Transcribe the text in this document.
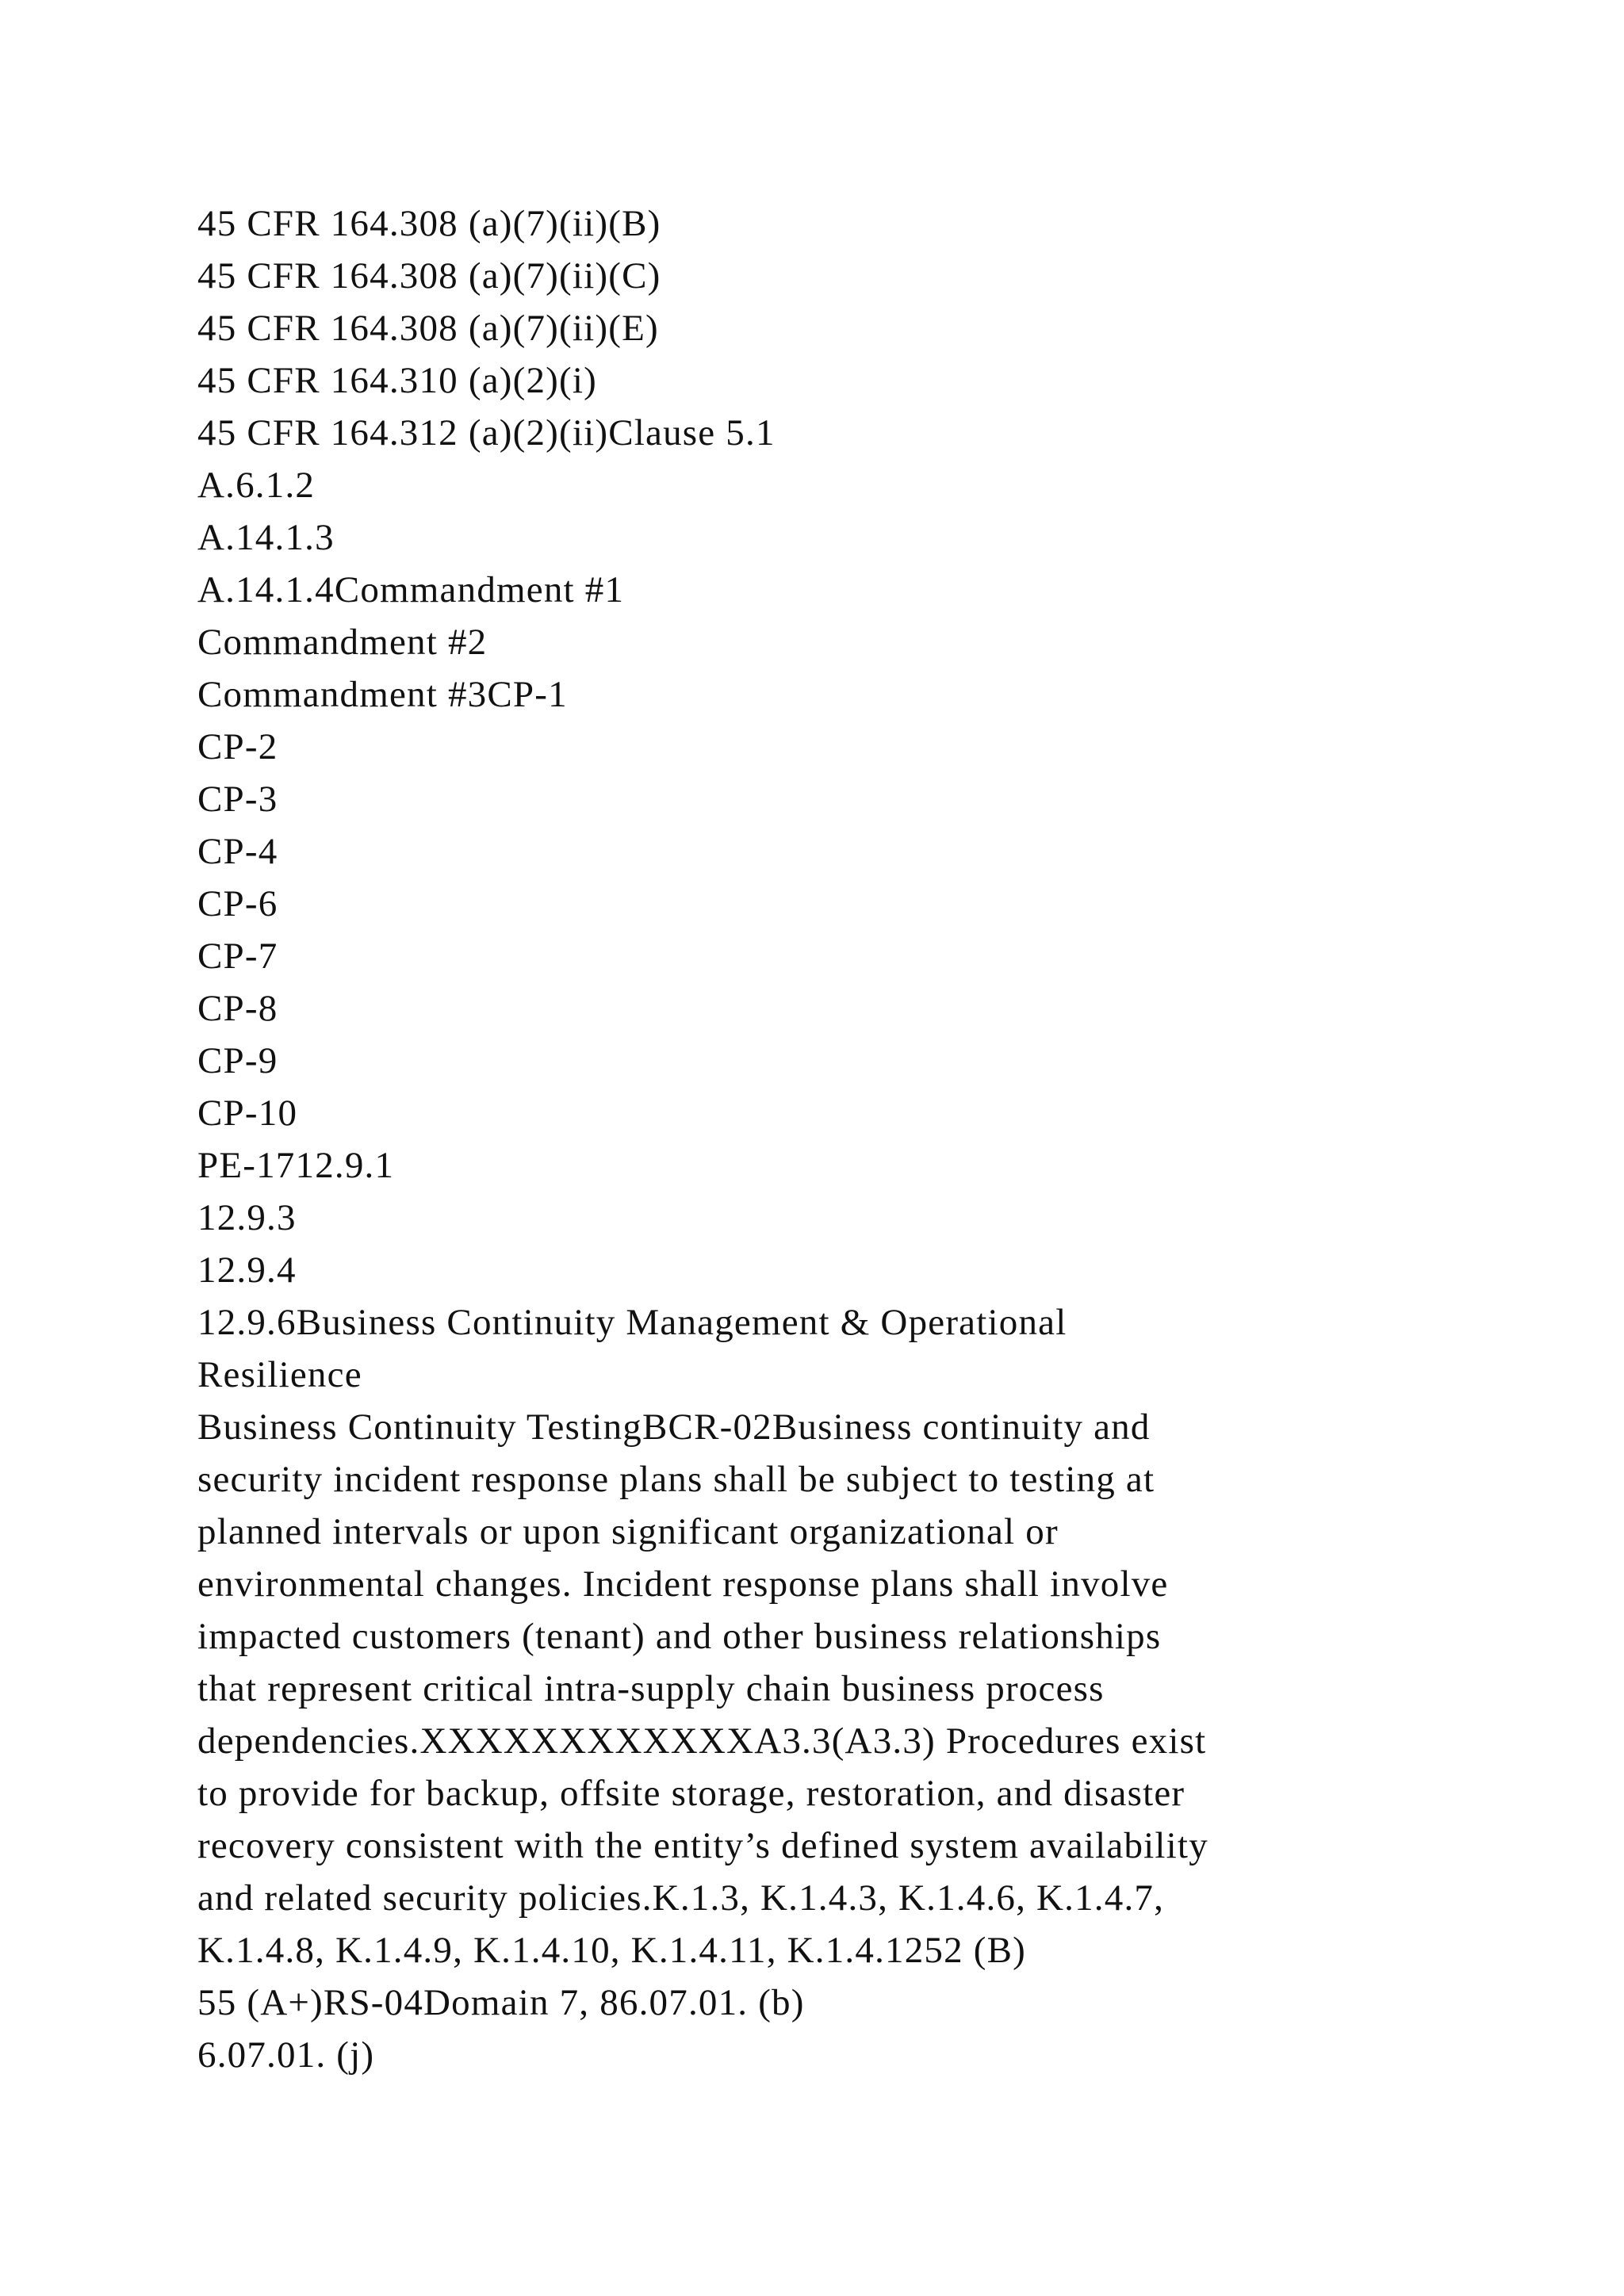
45 CFR 164.308 (a)(7)(ii)(B)
45 CFR 164.308 (a)(7)(ii)(C)
45 CFR 164.308 (a)(7)(ii)(E)
45 CFR 164.310 (a)(2)(i)
45 CFR 164.312 (a)(2)(ii)Clause 5.1
A.6.1.2
A.14.1.3
A.14.1.4Commandment #1
Commandment #2
Commandment #3CP-1
CP-2
CP-3
CP-4
CP-6
CP-7
CP-8
CP-9
CP-10
PE-1712.9.1
12.9.3
12.9.4
12.9.6Business Continuity Management & Operational
Resilience
Business Continuity TestingBCR-02Business continuity and
security incident response plans shall be subject to testing at
planned intervals or upon significant organizational or
environmental changes. Incident response plans shall involve
impacted customers (tenant) and other business relationships
that represent critical intra-supply chain business process
dependencies.XXXXXXXXXXXXA3.3(A3.3) Procedures exist
to provide for backup, offsite storage, restoration, and disaster
recovery consistent with the entity’s defined system availability
and related security policies.K.1.3, K.1.4.3, K.1.4.6, K.1.4.7,
K.1.4.8, K.1.4.9, K.1.4.10, K.1.4.11, K.1.4.1252 (B)
55 (A+)RS-04Domain 7, 86.07.01. (b)
6.07.01. (j)
